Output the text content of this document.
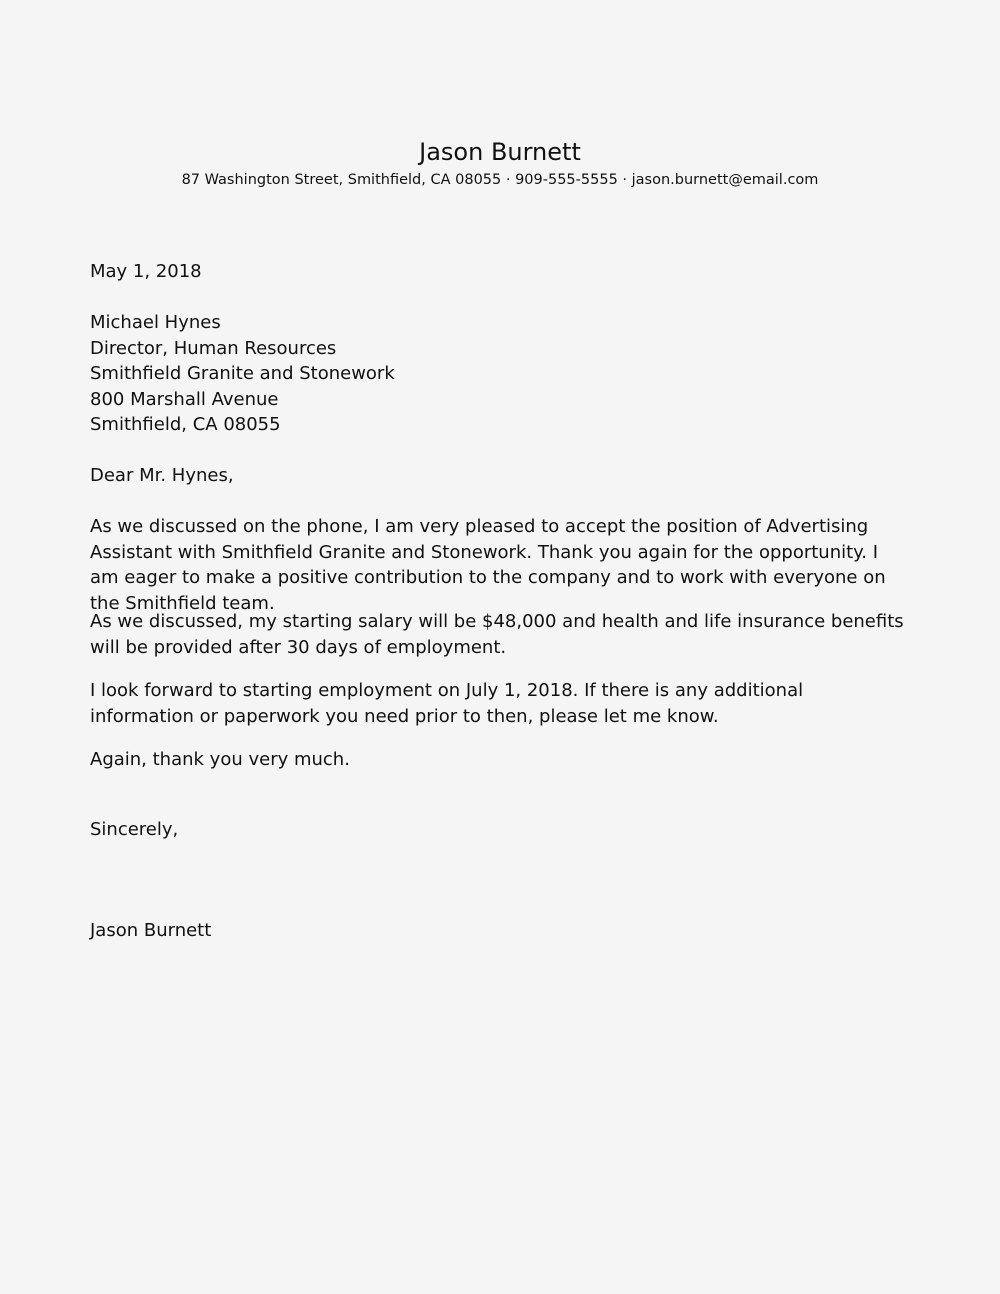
Jason Burnett
87 Washington Street, Smithfield, CA 08055 · 909-555-5555 · jason.burnett@email.com
May 1, 2018
Michael Hynes
Director, Human Resources
Smithfield Granite and Stonework
800 Marshall Avenue
Smithfield, CA 08055
Dear Mr. Hynes,

As we discussed on the phone, I am very pleased to accept the position of Advertising Assistant with Smithfield Granite and Stonework. Thank you again for the opportunity. I am eager to make a positive contribution to the company and to work with everyone on the Smithfield team.

As we discussed, my starting salary will be $48,000 and health and life insurance benefits will be provided after 30 days of employment.

I look forward to starting employment on July 1, 2018. If there is any additional information or paperwork you need prior to then, please let me know.

Again, thank you very much.

Sincerely,
Jason Burnett
